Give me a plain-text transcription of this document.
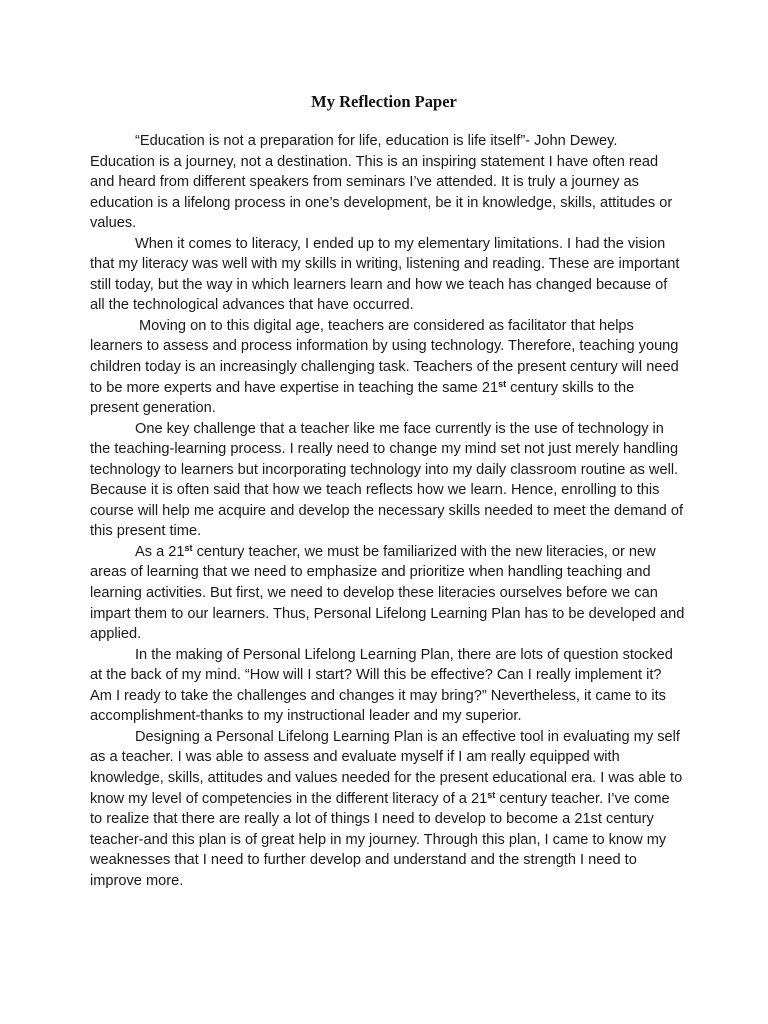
My Reflection Paper

“Education is not a preparation for life, education is life itself”- John Dewey. Education is a journey, not a destination. This is an inspiring statement I have often read and heard from different speakers from seminars I’ve attended. It is truly a journey as education is a lifelong process in one’s development, be it in knowledge, skills, attitudes or values.

When it comes to literacy, I ended up to my elementary limitations. I had the vision that my literacy was well with my skills in writing, listening and reading. These are important still today, but the way in which learners learn and how we teach has changed because of all the technological advances that have occurred.

Moving on to this digital age, teachers are considered as facilitator that helps learners to assess and process information by using technology. Therefore, teaching young children today is an increasingly challenging task. Teachers of the present century will need to be more experts and have expertise in teaching the same 21st century skills to the present generation.

One key challenge that a teacher like me face currently is the use of technology in the teaching-learning process. I really need to change my mind set not just merely handling technology to learners but incorporating technology into my daily classroom routine as well. Because it is often said that how we teach reflects how we learn. Hence, enrolling to this course will help me acquire and develop the necessary skills needed to meet the demand of this present time.

As a 21st century teacher, we must be familiarized with the new literacies, or new areas of learning that we need to emphasize and prioritize when handling teaching and learning activities. But first, we need to develop these literacies ourselves before we can impart them to our learners. Thus, Personal Lifelong Learning Plan has to be developed and applied.

In the making of Personal Lifelong Learning Plan, there are lots of question stocked at the back of my mind. “How will I start? Will this be effective? Can I really implement it? Am I ready to take the challenges and changes it may bring?” Nevertheless, it came to its accomplishment-thanks to my instructional leader and my superior.

Designing a Personal Lifelong Learning Plan is an effective tool in evaluating my self as a teacher. I was able to assess and evaluate myself if I am really equipped with knowledge, skills, attitudes and values needed for the present educational era. I was able to know my level of competencies in the different literacy of a 21st century teacher. I’ve come to realize that there are really a lot of things I need to develop to become a 21st century teacher-and this plan is of great help in my journey. Through this plan, I came to know my weaknesses that I need to further develop and understand and the strength I need to improve more.
